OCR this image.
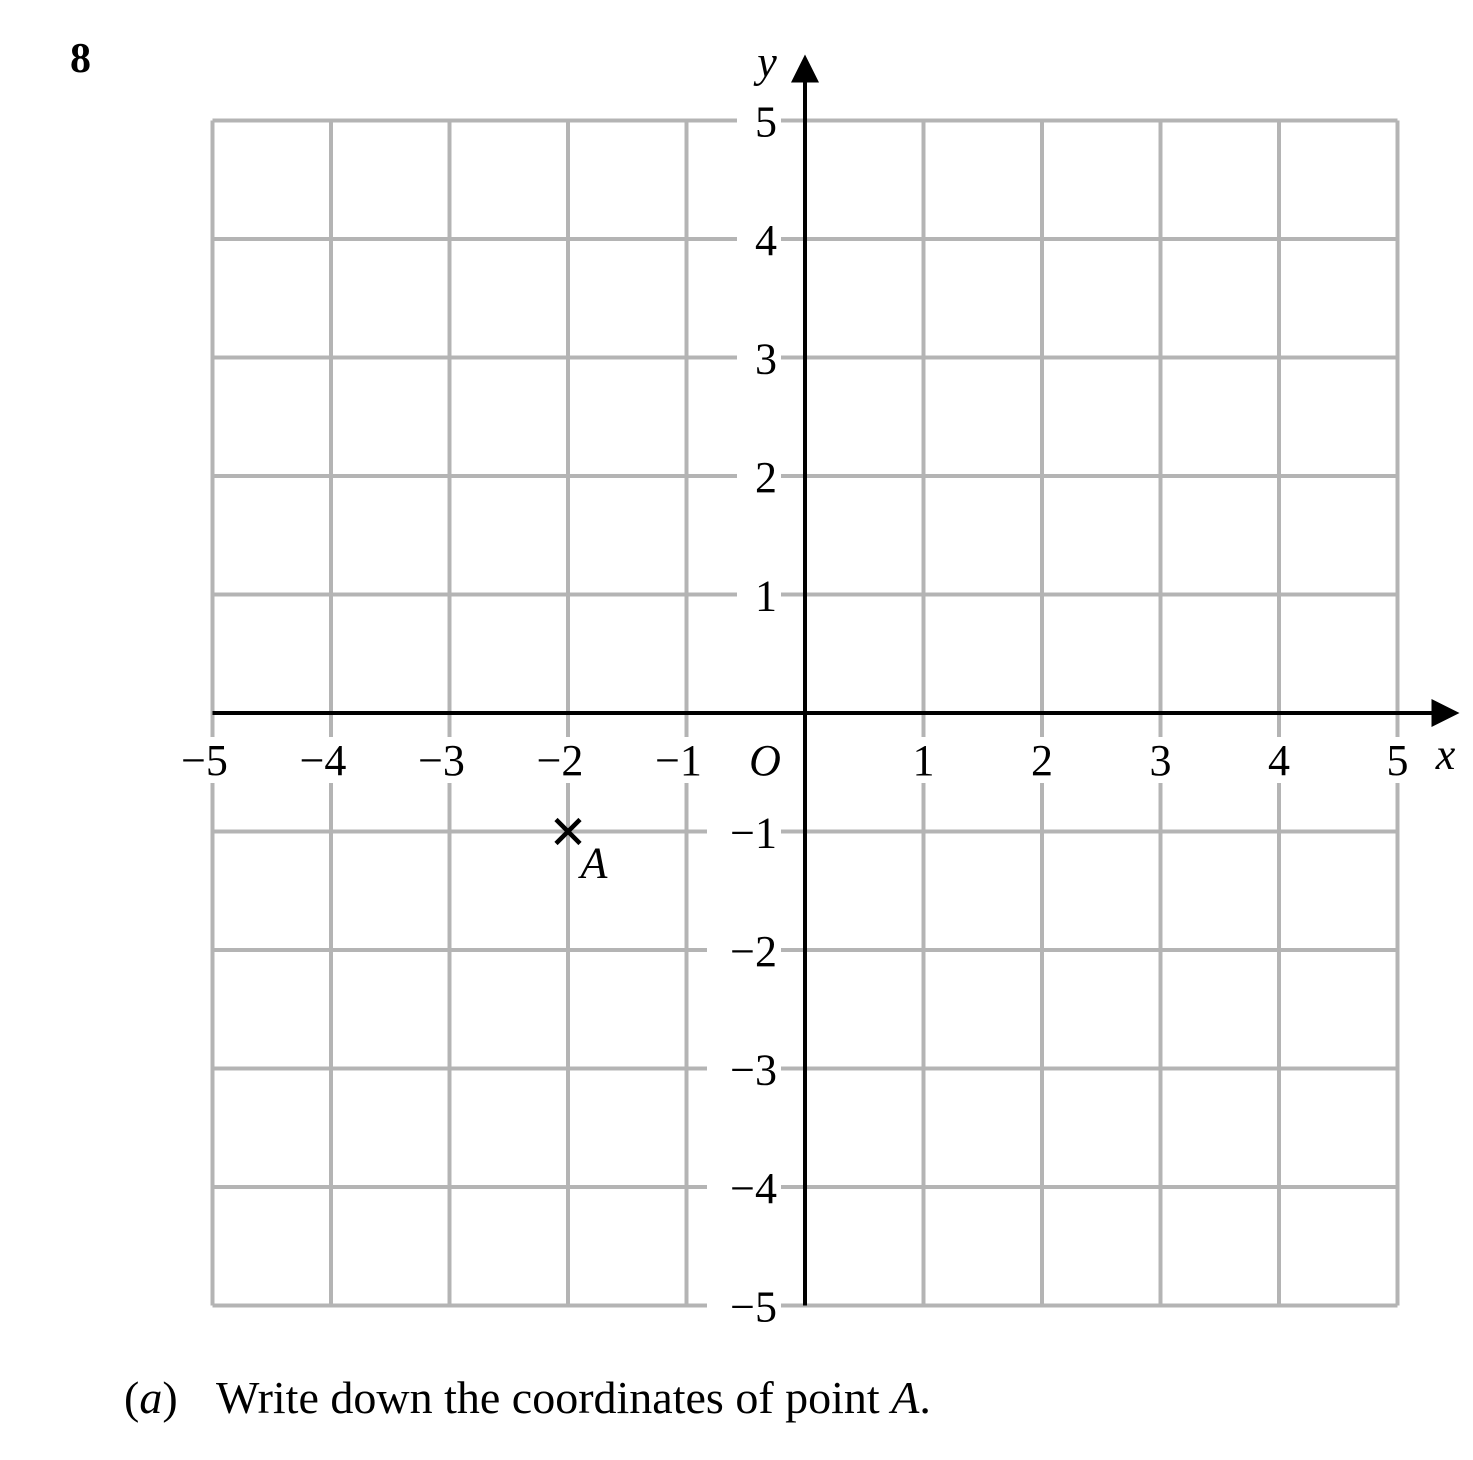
8
−5 −4 −3 −2 −1	1 2 3 4 5
−5
−4
−3
−2
−1
1
2
3
4
5
x
y
O
A
(a) Write down the coordinates of point A.
